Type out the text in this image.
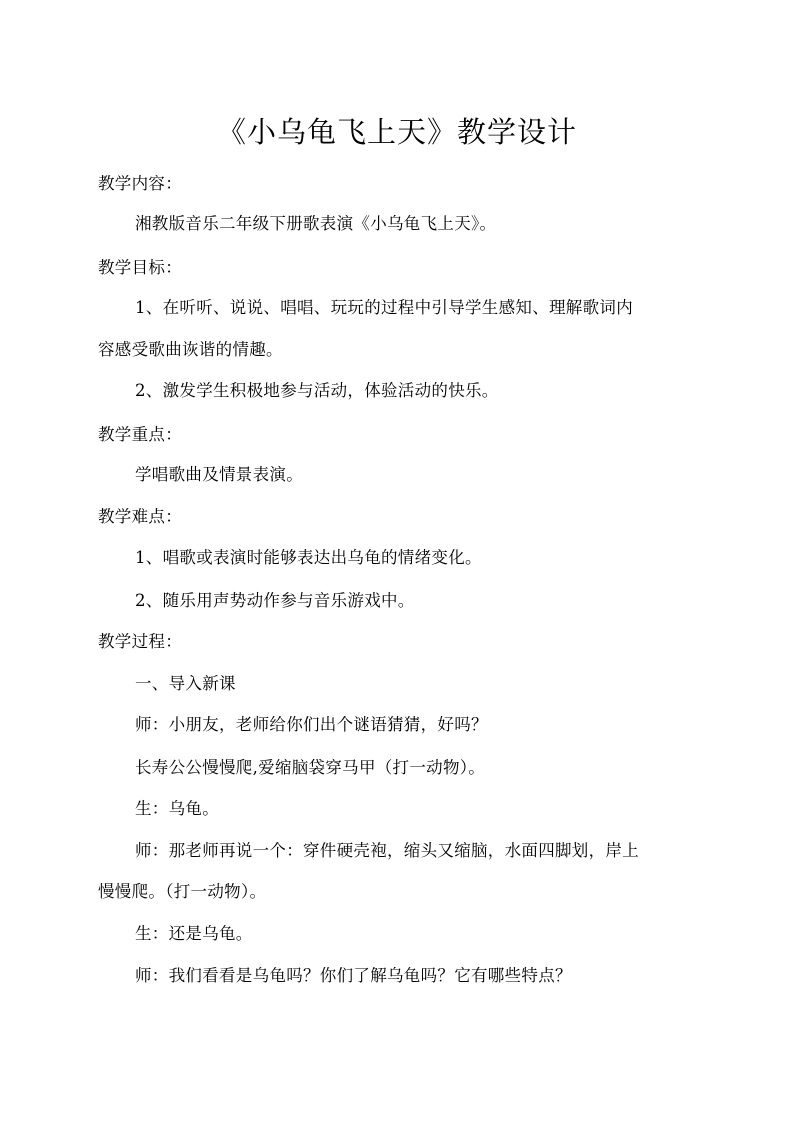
《小乌龟飞上天》教学设计
教学内容：
湘教版音乐二年级下册歌表演《小乌龟飞上天》。
教学目标：
1、在听听、说说、唱唱、玩玩的过程中引导学生感知、理解歌词内
容感受歌曲诙谐的情趣。
2、激发学生积极地参与活动，体验活动的快乐。
教学重点：
学唱歌曲及情景表演。
教学难点：
1、唱歌或表演时能够表达出乌龟的情绪变化。
2、随乐用声势动作参与音乐游戏中。
教学过程：
一、导入新课
师：小朋友，老师给你们出个谜语猜猜，好吗？
长寿公公慢慢爬,爱缩脑袋穿马甲（打一动物）。
生：乌龟。
师：那老师再说一个：穿件硬壳袍，缩头又缩脑，水面四脚划，岸上
慢慢爬。（打一动物）。
生：还是乌龟。
师：我们看看是乌龟吗？你们了解乌龟吗？它有哪些特点？
